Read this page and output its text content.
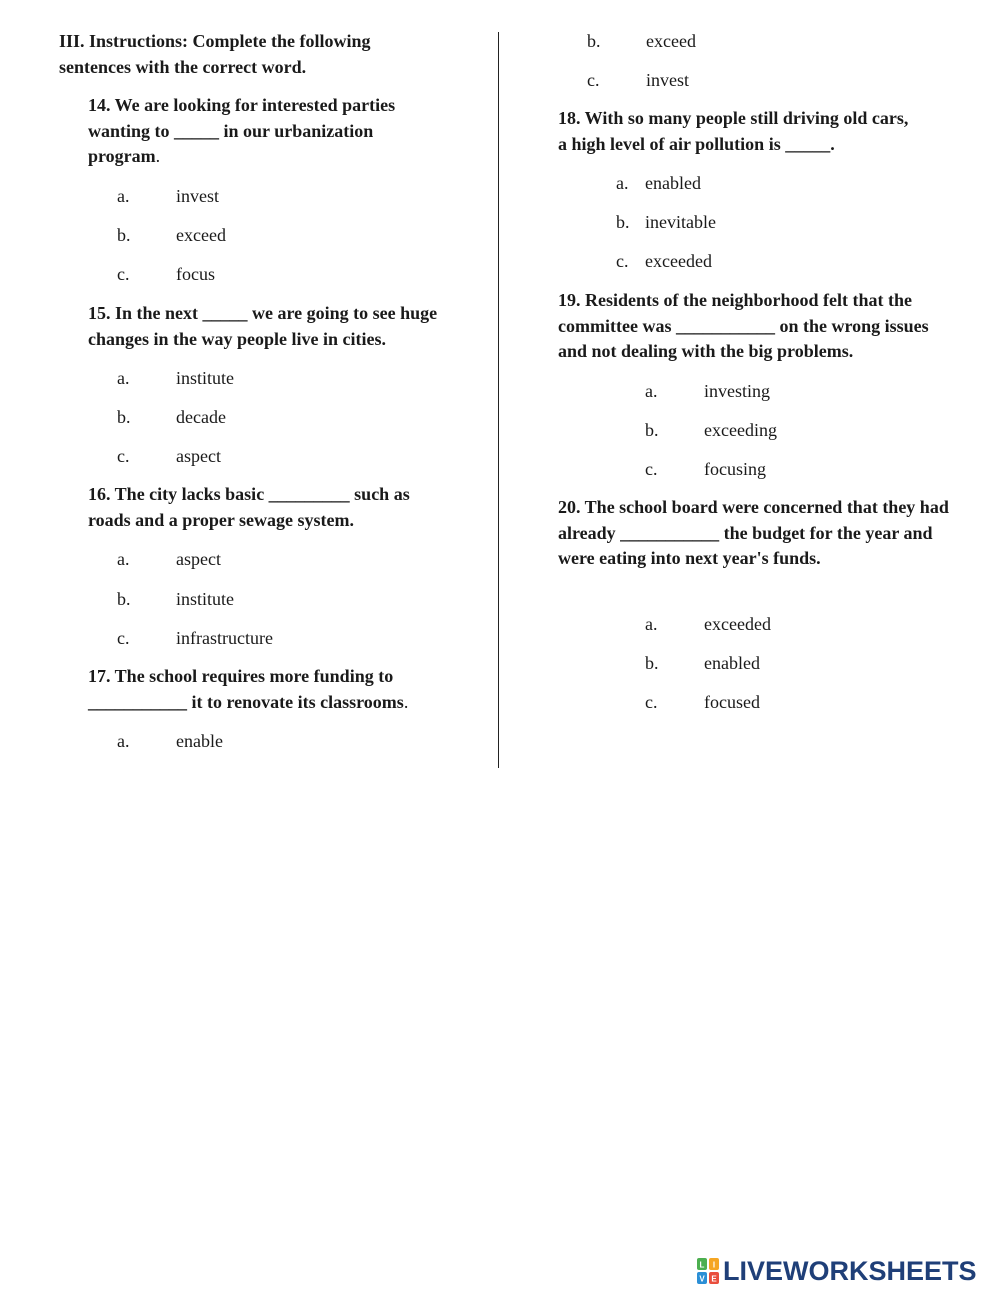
III. Instructions: Complete the following sentences with the correct word.

14. We are looking for interested parties wanting to _____ in our urbanization program.

a.	invest
b.	exceed
c.	focus

15. In the next _____ we are going to see huge changes in the way people live in cities.

a.	institute
b.	decade
c.	aspect

16. The city lacks basic _________ such as roads and a proper sewage system.

a.	aspect
b.	institute
c.	infrastructure

17. The school requires more funding to ___________ it to renovate its classrooms.

a.	enable
b.	exceed
c.	invest

18. With so many people still driving old cars, a high level of air pollution is _____.

a. enabled
b. inevitable
c. exceeded

19. Residents of the neighborhood felt that the committee was ___________ on the wrong issues and not dealing with the big problems.

a.	investing
b.	exceeding
c.	focusing

20. The school board were concerned that they had already ___________ the budget for the year and were eating into next year's funds.

a.	exceeded
b.	enabled
c.	focused
L I
V E LIVEWORKSHEETS
